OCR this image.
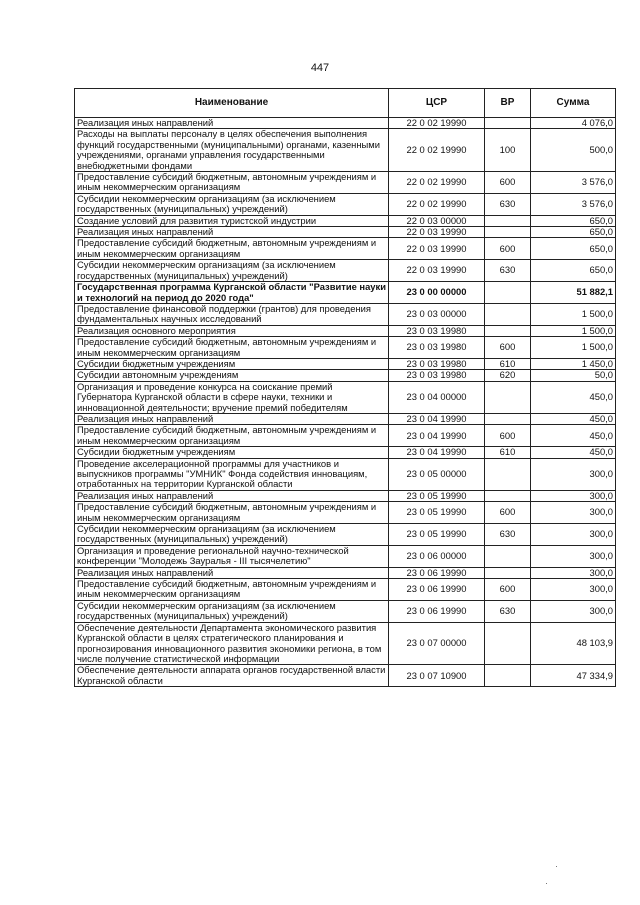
447
Наименование	ЦСР	ВР	Сумма
Реализация иных направлений	22 0 02 19990		4 076,0
Расходы на выплаты персоналу в целях обеспечения выполнения функций государственными (муниципальными) органами, казенными учреждениями, органами управления государственными внебюджетными фондами	22 0 02 19990	100	500,0
Предоставление субсидий бюджетным, автономным учреждениям и иным некоммерческим организациям	22 0 02 19990	600	3 576,0
Субсидии некоммерческим организациям (за исключением государственных (муниципальных) учреждений)	22 0 02 19990	630	3 576,0
Создание условий для развития туристской индустрии	22 0 03 00000		650,0
Реализация иных направлений	22 0 03 19990		650,0
Предоставление субсидий бюджетным, автономным учреждениям и иным некоммерческим организациям	22 0 03 19990	600	650,0
Субсидии некоммерческим организациям (за исключением государственных (муниципальных) учреждений)	22 0 03 19990	630	650,0
Государственная программа Курганской области "Развитие науки и технологий на период до 2020 года"	23 0 00 00000		51 882,1
Предоставление финансовой поддержки (грантов) для проведения фундаментальных научных исследований	23 0 03 00000		1 500,0
Реализация основного мероприятия	23 0 03 19980		1 500,0
Предоставление субсидий бюджетным, автономным учреждениям и иным некоммерческим организациям	23 0 03 19980	600	1 500,0
Субсидии бюджетным учреждениям	23 0 03 19980	610	1 450,0
Субсидии автономным учреждениям	23 0 03 19980	620	50,0
Организация и проведение конкурса на соискание премий Губернатора Курганской области в сфере науки, техники и инновационной деятельности; вручение премий победителям	23 0 04 00000		450,0
Реализация иных направлений	23 0 04 19990		450,0
Предоставление субсидий бюджетным, автономным учреждениям и иным некоммерческим организациям	23 0 04 19990	600	450,0
Субсидии бюджетным учреждениям	23 0 04 19990	610	450,0
Проведение акселерационной программы для участников и выпускников программы "УМНИК" Фонда содействия инновациям, отработанных на территории Курганской области	23 0 05 00000		300,0
Реализация иных направлений	23 0 05 19990		300,0
Предоставление субсидий бюджетным, автономным учреждениям и иным некоммерческим организациям	23 0 05 19990	600	300,0
Субсидии некоммерческим организациям (за исключением государственных (муниципальных) учреждений)	23 0 05 19990	630	300,0
Организация и проведение региональной научно-технической конференции "Молодежь Зауралья - III тысячелетию"	23 0 06 00000		300,0
Реализация иных направлений	23 0 06 19990		300,0
Предоставление субсидий бюджетным, автономным учреждениям и иным некоммерческим организациям	23 0 06 19990	600	300,0
Субсидии некоммерческим организациям (за исключением государственных (муниципальных) учреждений)	23 0 06 19990	630	300,0
Обеспечение деятельности Департамента экономического развития Курганской области в целях стратегического планирования и прогнозирования инновационного развития экономики региона, в том числе получение статистической информации	23 0 07 00000		48 103,9
Обеспечение деятельности аппарата органов государственной власти Курганской области	23 0 07 10900		47 334,9
